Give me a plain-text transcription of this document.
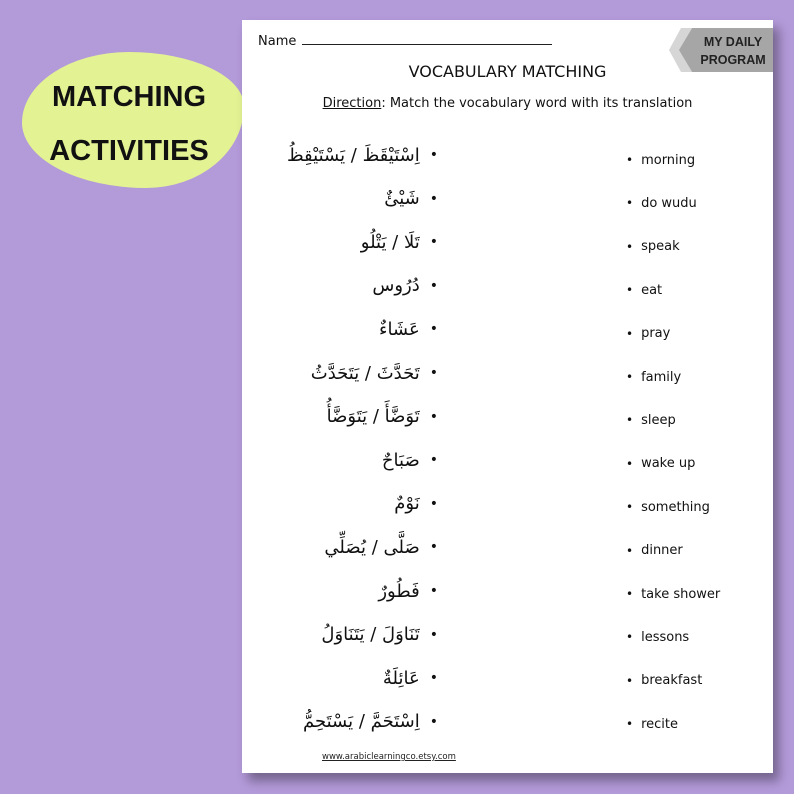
MATCHING
ACTIVITIES
Name	MY DAILY
PROGRAM
VOCABULARY MATCHING
Direction: Match the vocabulary word with its translation
•
اِسْتَيْقَظَ / يَسْتَيْقِظُ
•
شَيْئٌ
•
تَلَا / يَتْلُو
•
دُرُوس
•
عَشَاءٌ
•
تَحَدَّثَ / يَتَحَدَّثُ
•
تَوَضَّأَ / يَتَوَضَّأُ
•
صَبَاحٌ
•
نَوْمٌ
•
صَلَّى / يُصَلِّي
•
فَطُورٌ
•
تَنَاوَلَ / يَتَنَاوَلُ
•
عَائِلَةٌ
•
اِسْتَحَمَّ / يَسْتَحِمُّ
• morning
• do wudu
• speak
• eat
• pray
• family
• sleep
• wake up
• something
• dinner
• take shower
• lessons
• breakfast
• recite
www.arabiclearningco.etsy.com
